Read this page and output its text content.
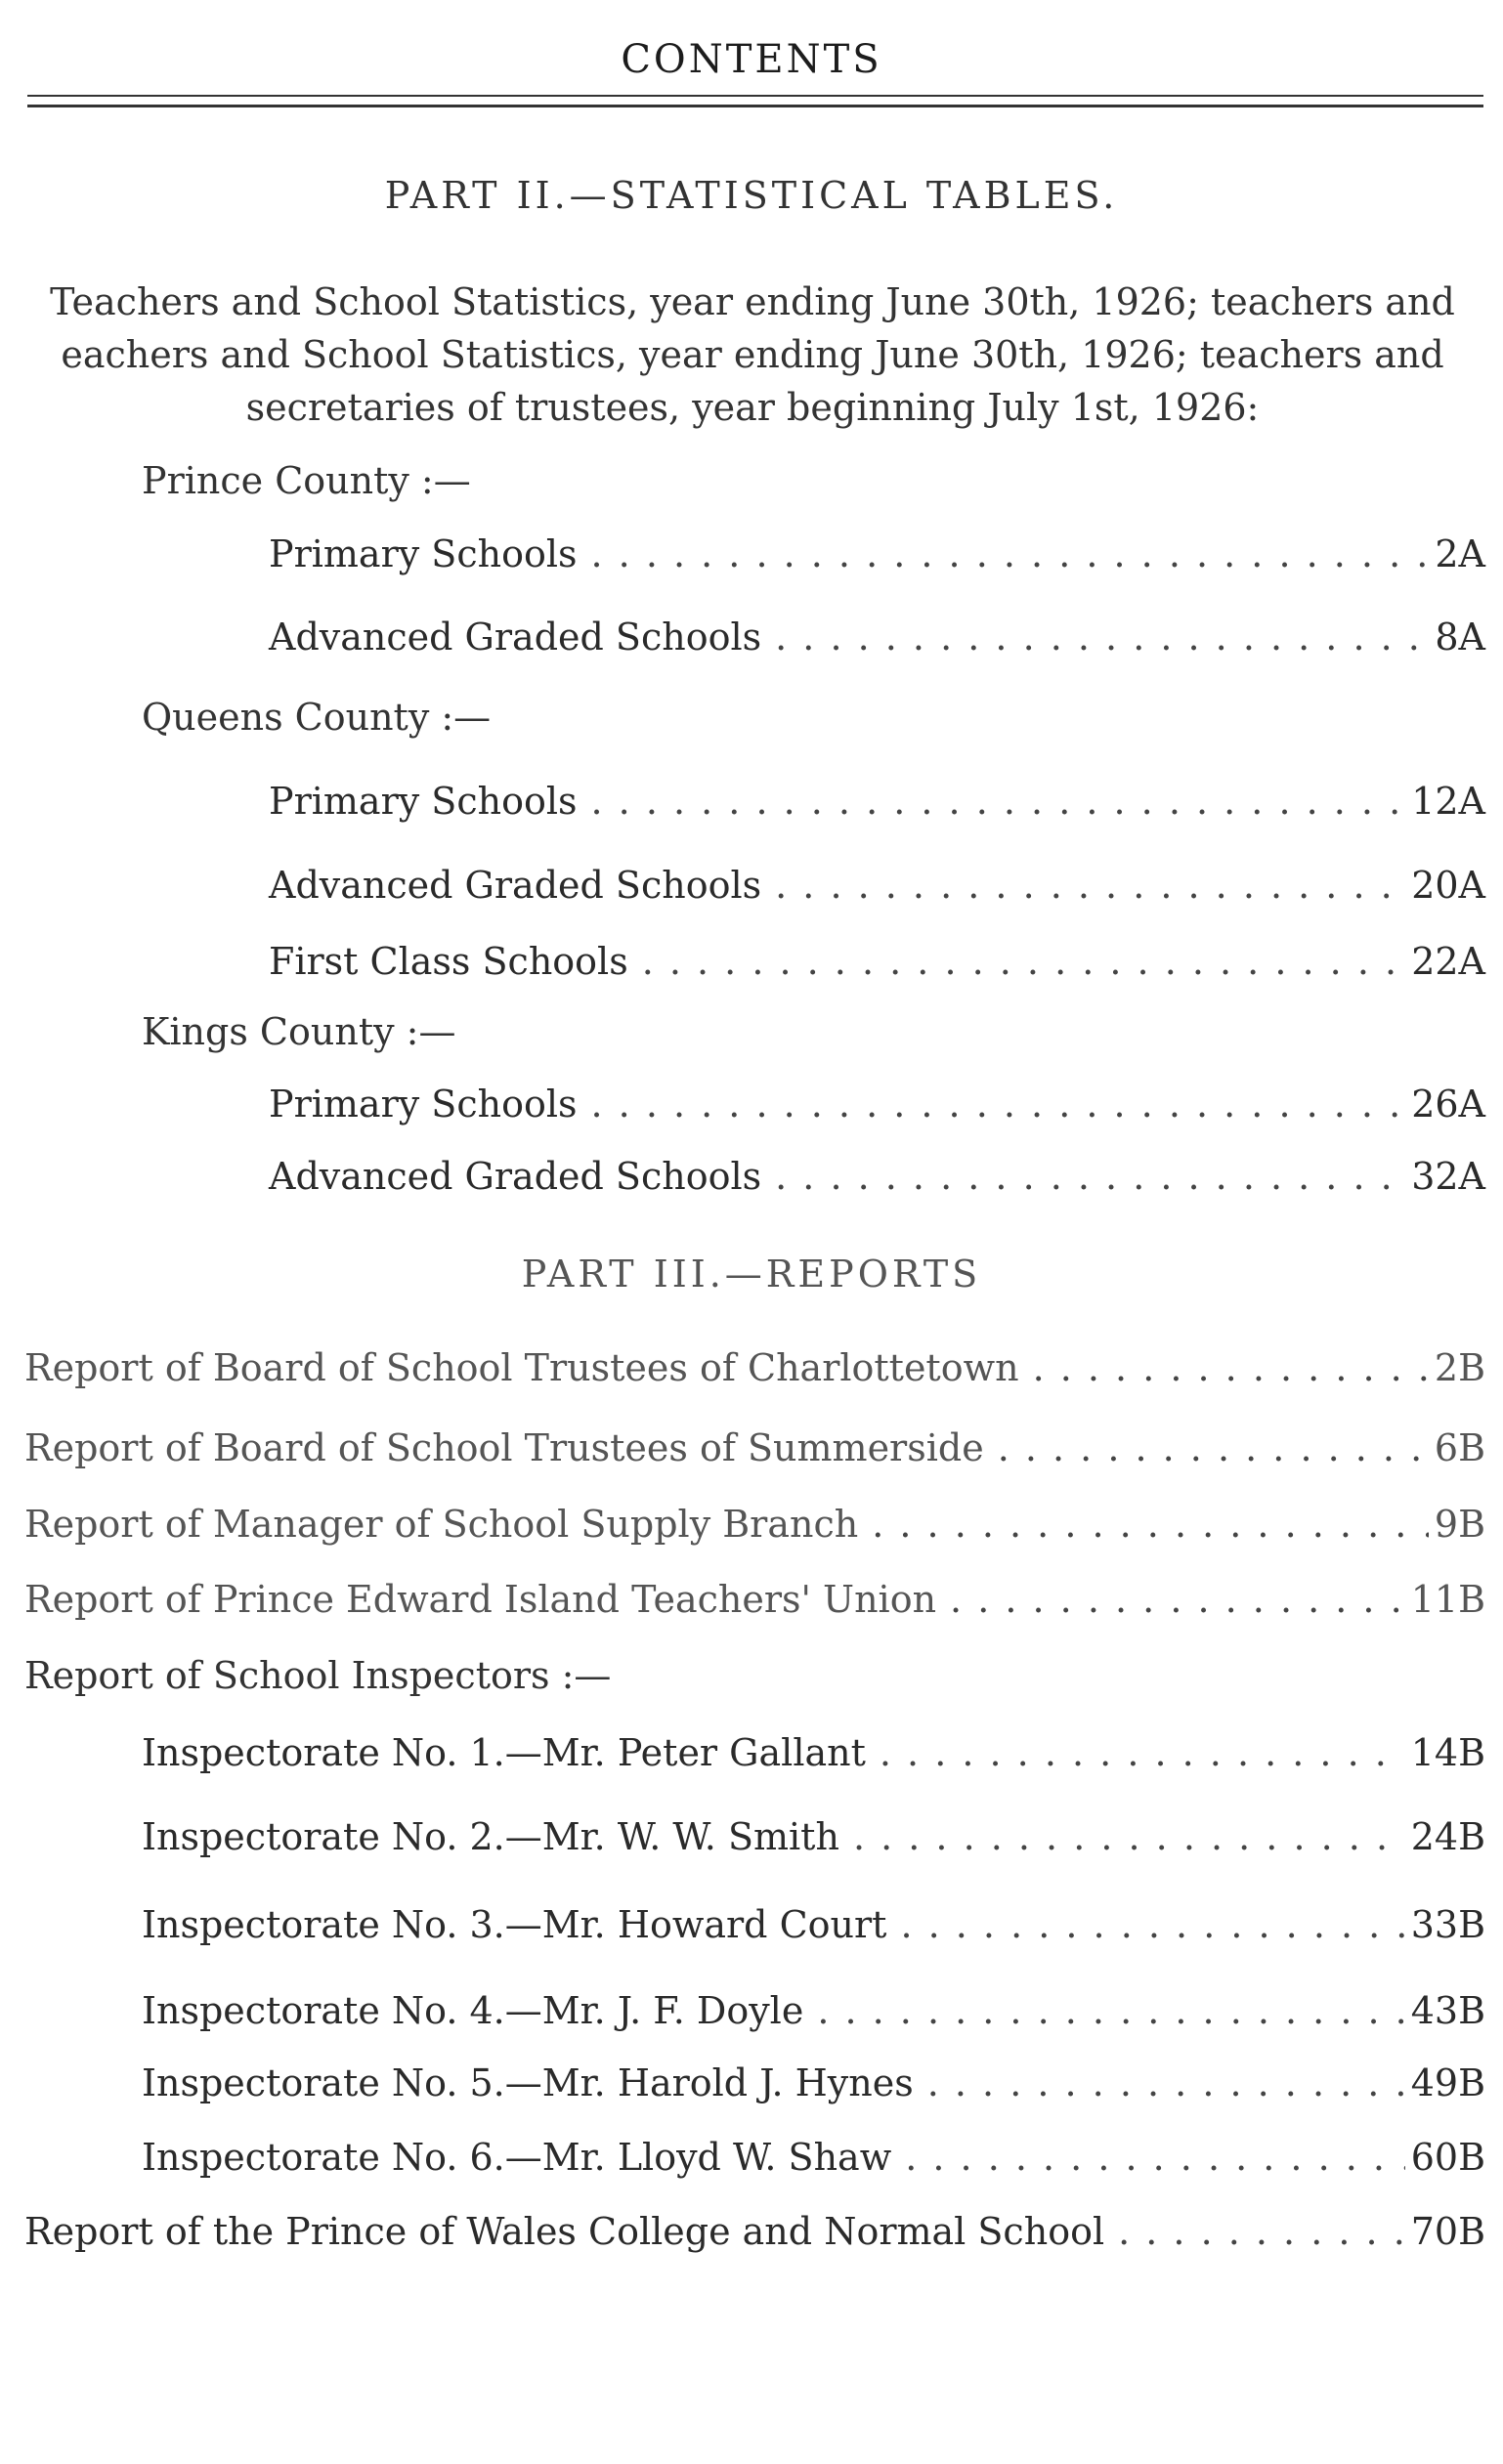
CONTENTS
PART II.—STATISTICAL TABLES.
Teachers and School Statistics, year ending June 30th, 1926; teachers and
eachers and School Statistics, year ending June 30th, 1926; teachers and
secretaries of trustees, year beginning July 1st, 1926:
Prince County :—
Primary Schools . . .	2A
Advanced Graded Schools . . .	8A
Queens County :—
Primary Schools . . .	12A
Advanced Graded Schools . . .	20A
First Class Schools . . .	22A
Kings County :—
Primary Schools . . .	26A
Advanced Graded Schools . . .	32A
PART III.—REPORTS
Report of Board of School Trustees of Charlottetown . . .	2B
Report of Board of School Trustees of Summerside . . .	6B
Report of Manager of School Supply Branch . . .	9B
Report of Prince Edward Island Teachers' Union . . .	11B
Report of School Inspectors :—
Inspectorate No. 1.—Mr. Peter Gallant . . .	14B
Inspectorate No. 2.—Mr. W. W. Smith . . .	24B
Inspectorate No. 3.—Mr. Howard Court . . .	33B
Inspectorate No. 4.—Mr. J. F. Doyle . . .	43B
Inspectorate No. 5.—Mr. Harold J. Hynes . . .	49B
Inspectorate No. 6.—Mr. Lloyd W. Shaw . . .	60B
Report of the Prince of Wales College and Normal School . . .	70B
